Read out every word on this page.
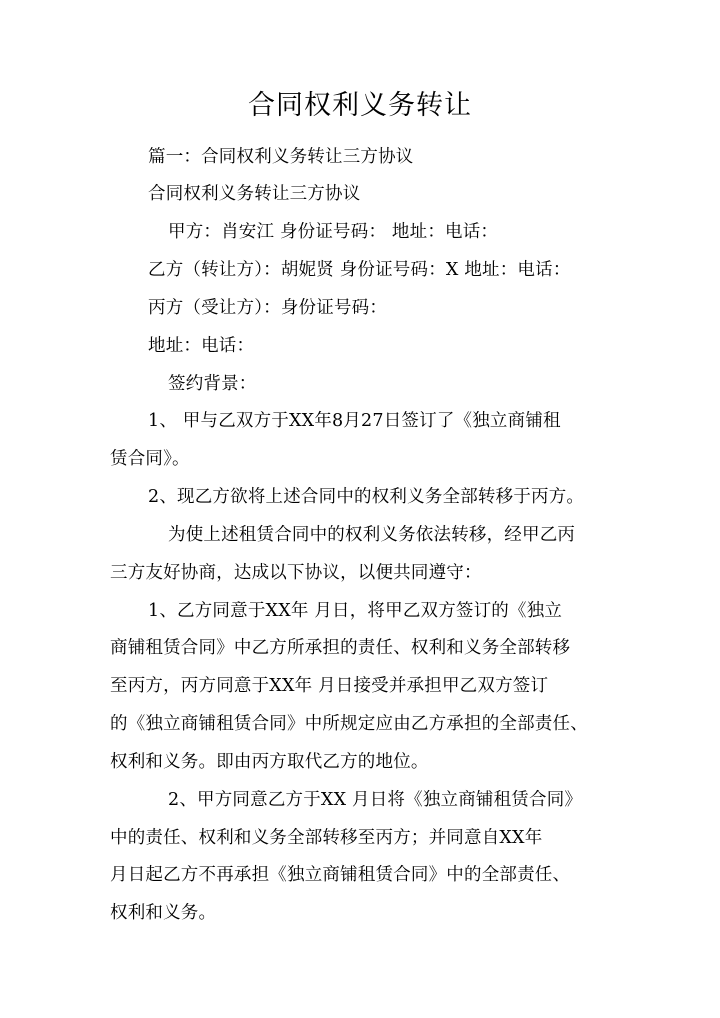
合同权利义务转让
篇一：合同权利义务转让三方协议
合同权利义务转让三方协议
甲方：肖安江 身份证号码： 地址：电话：
乙方（转让方）：胡妮贤 身份证号码：X 地址：电话：
丙方（受让方）：身份证号码：
地址：电话：
签约背景：
1、 甲与乙双方于XX年8月27日签订了《独立商铺租
赁合同》。
2、现乙方欲将上述合同中的权利义务全部转移于丙方。
为使上述租赁合同中的权利义务依法转移，经甲乙丙
三方友好协商，达成以下协议，以便共同遵守：
1、乙方同意于XX年 月日，将甲乙双方签订的《独立
商铺租赁合同》中乙方所承担的责任、权利和义务全部转移
至丙方，丙方同意于XX年 月日接受并承担甲乙双方签订
的《独立商铺租赁合同》中所规定应由乙方承担的全部责任、
权利和义务。即由丙方取代乙方的地位。
2、甲方同意乙方于XX 月日将《独立商铺租赁合同》
中的责任、权利和义务全部转移至丙方；并同意自XX年
月日起乙方不再承担《独立商铺租赁合同》中的全部责任、
权利和义务。
